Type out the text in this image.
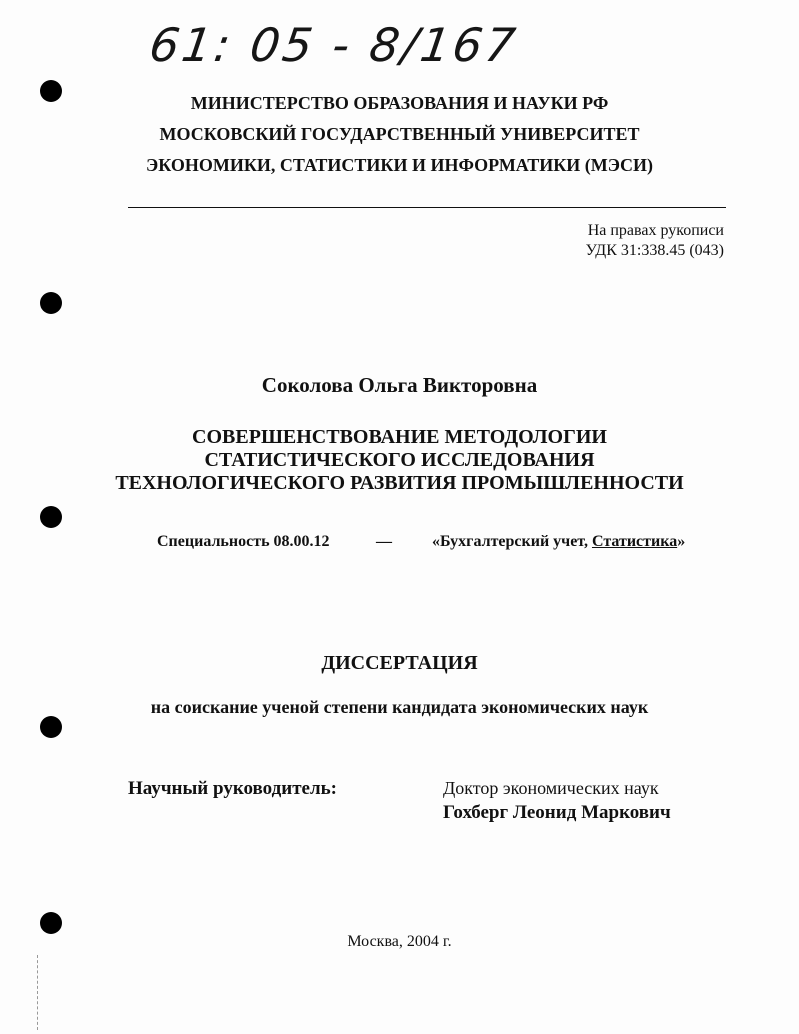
61: 05 - 8/167
МИНИСТЕРСТВО ОБРАЗОВАНИЯ И НАУКИ РФ
МОСКОВСКИЙ ГОСУДАРСТВЕННЫЙ УНИВЕРСИТЕТ
ЭКОНОМИКИ, СТАТИСТИКИ И ИНФОРМАТИКИ (МЭСИ)
На правах рукописи
УДК 31:338.45 (043)
Соколова Ольга Викторовна
СОВЕРШЕНСТВОВАНИЕ МЕТОДОЛОГИИ
СТАТИСТИЧЕСКОГО ИССЛЕДОВАНИЯ
ТЕХНОЛОГИЧЕСКОГО РАЗВИТИЯ ПРОМЫШЛЕННОСТИ
Специальность 08.00.12	—	«Бухгалтерский учет, Статистика»
ДИССЕРТАЦИЯ
на соискание ученой степени кандидата экономических наук
Научный руководитель:	Доктор экономических наук
Гохберг Леонид Маркович
Москва, 2004 г.
